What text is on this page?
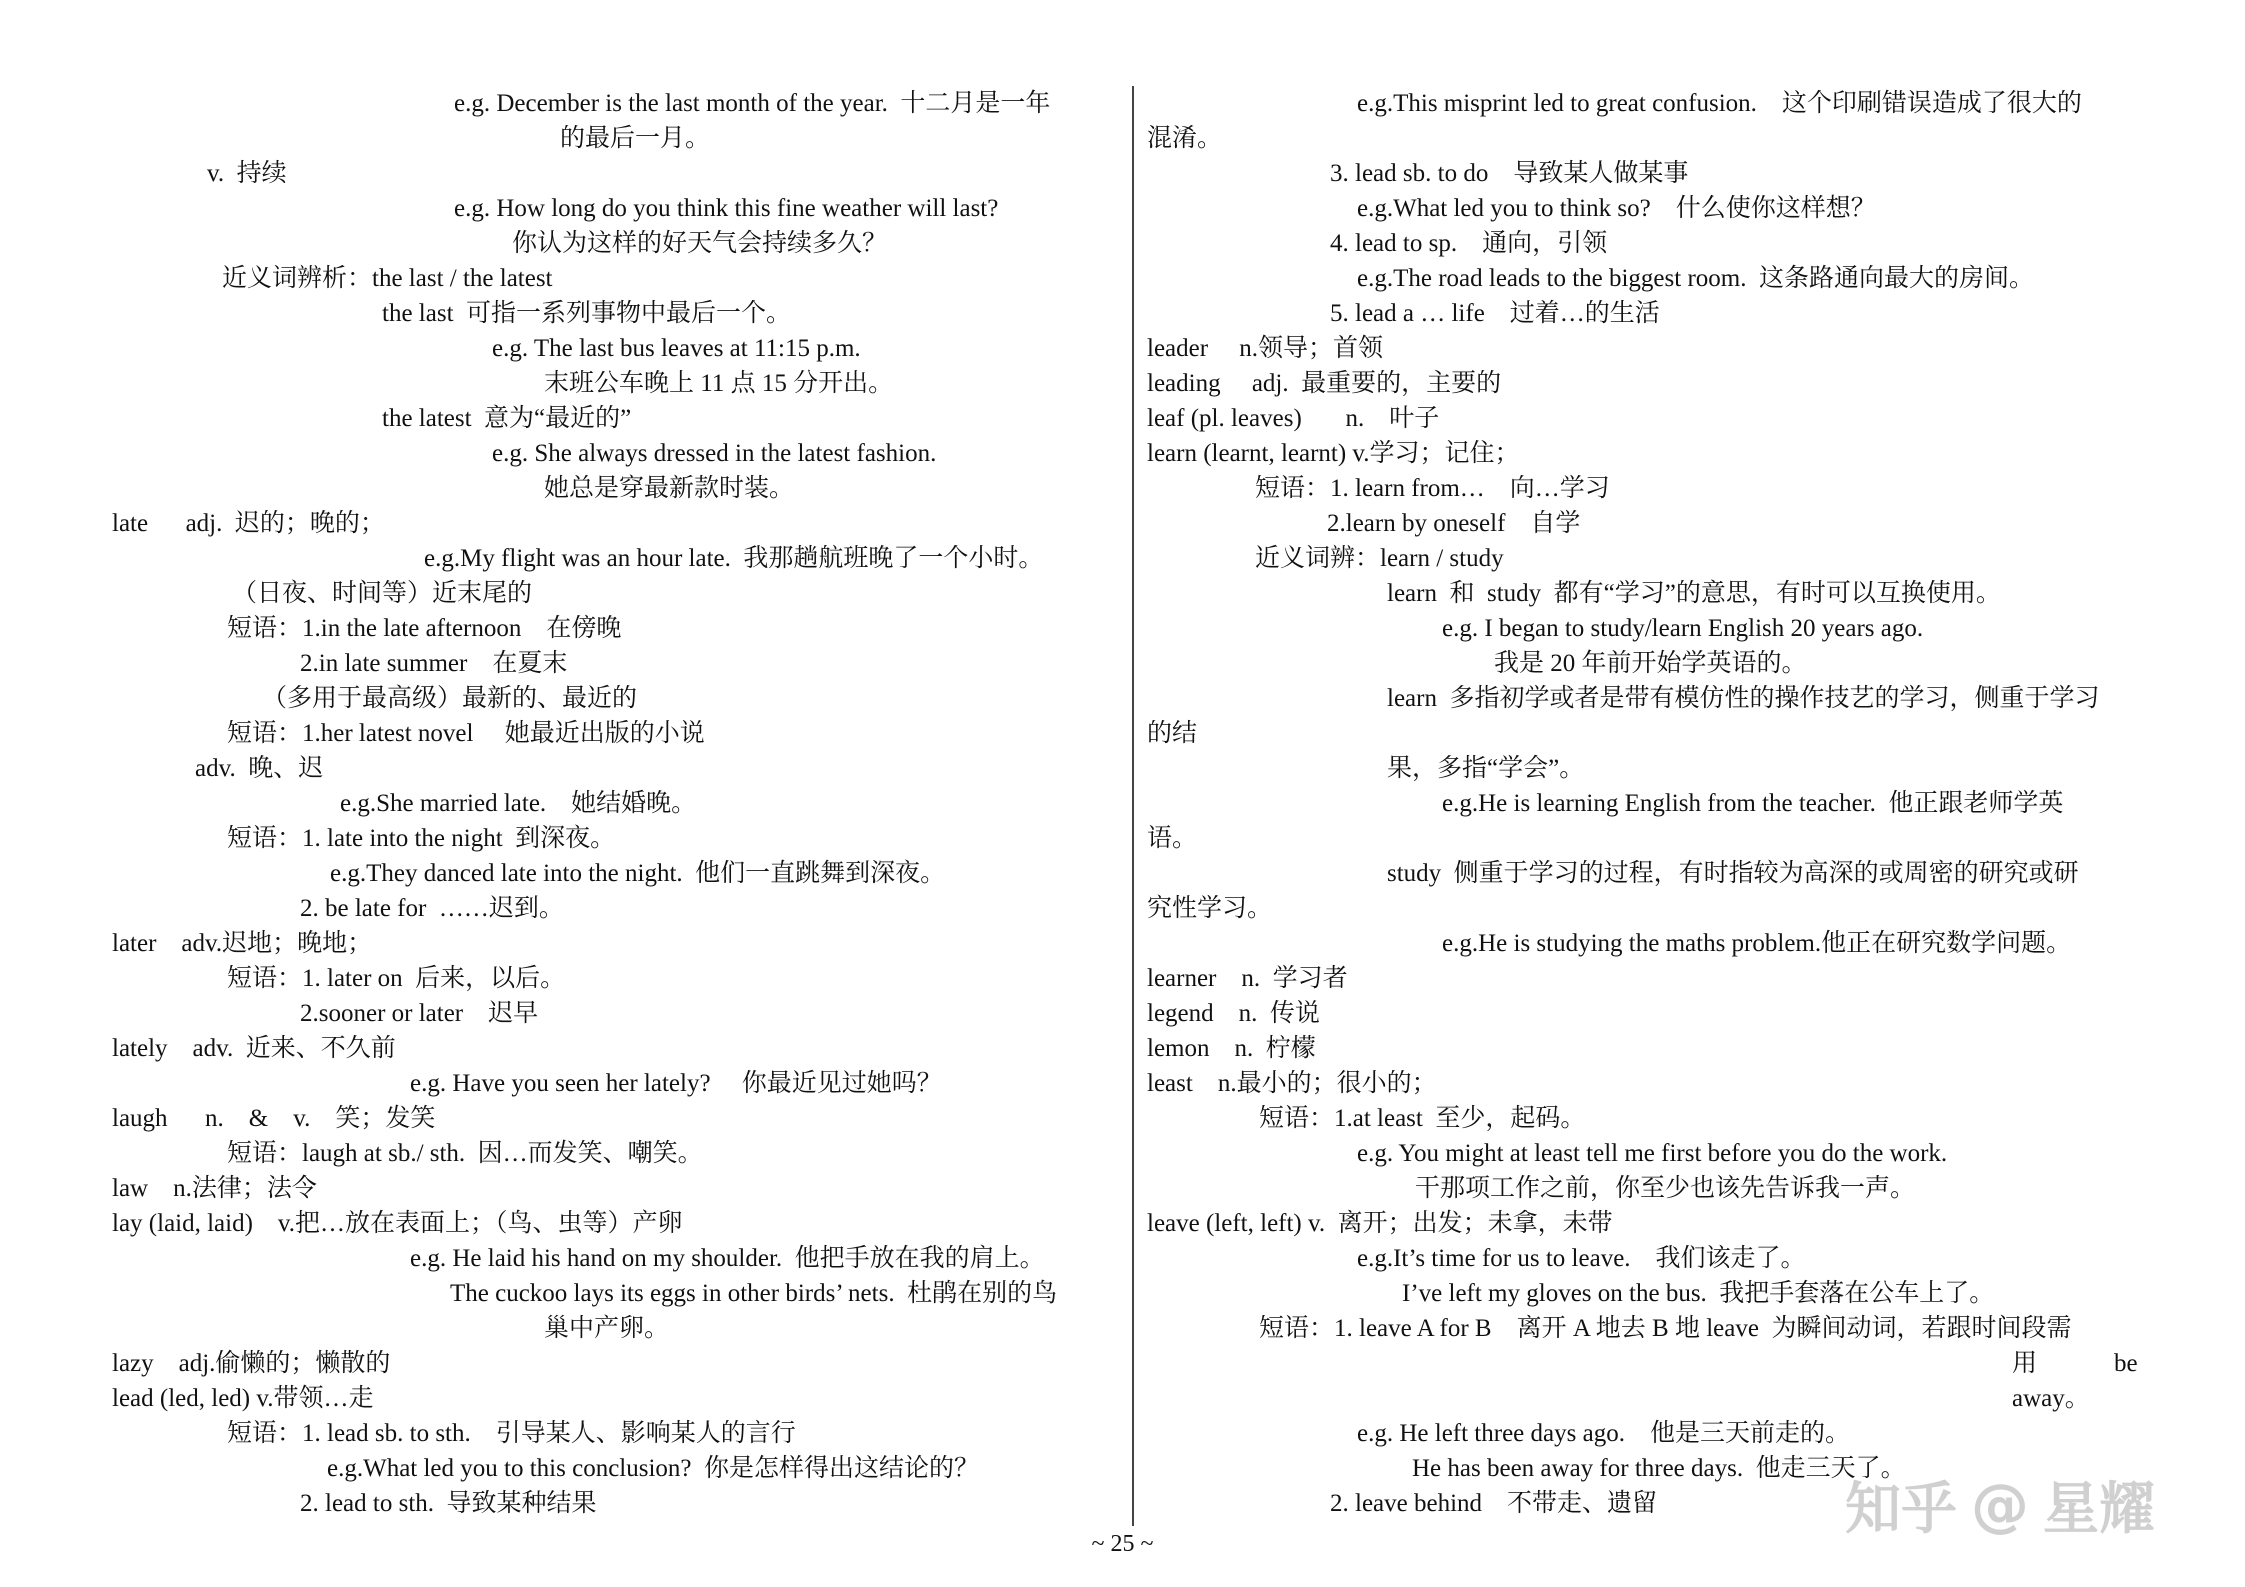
e.g. December is the last month of the year.  十二月是一年
的最后一月。
v.  持续
e.g. How long do you think this fine weather will last?
你认为这样的好天气会持续多久？
近义词辨析：the last / the latest
the last  可指一系列事物中最后一个。
e.g. The last bus leaves at 11:15 p.m.
末班公车晚上 11 点 15 分开出。
the latest  意为“最近的”
e.g. She always dressed in the latest fashion.
她总是穿最新款时装。
late      adj.  迟的；晚的；
e.g.My flight was an hour late.  我那趟航班晚了一个小时。
（日夜、时间等）近末尾的
短语：1.in the late afternoon    在傍晚
2.in late summer    在夏末
（多用于最高级）最新的、最近的
短语：1.her latest novel     她最近出版的小说
adv.  晚、迟
e.g.She married late.    她结婚晚。
短语：1. late into the night  到深夜。
e.g.They danced late into the night.  他们一直跳舞到深夜。
2. be late for  ……迟到。
later    adv.迟地；晚地；
短语：1. later on  后来，以后。
2.sooner or later    迟早
lately    adv.  近来、不久前
e.g. Have you seen her lately?     你最近见过她吗？
laugh      n.    &    v.    笑；发笑
短语：laugh at sb./ sth.  因…而发笑、嘲笑。
law    n.法律；法令
lay (laid, laid)    v.把…放在表面上；（鸟、虫等）产卵
e.g. He laid his hand on my shoulder.  他把手放在我的肩上。
The cuckoo lays its eggs in other birds’ nets.  杜鹃在别的鸟
巢中产卵。
lazy    adj.偷懒的；懒散的
lead (led, led) v.带领…走
短语：1. lead sb. to sth.    引导某人、影响某人的言行
e.g.What led you to this conclusion?  你是怎样得出这结论的？
2. lead to sth.  导致某种结果
e.g.This misprint led to great confusion.    这个印刷错误造成了很大的
混淆。
3. lead sb. to do    导致某人做某事
e.g.What led you to think so?    什么使你这样想？
4. lead to sp.    通向，引领
e.g.The road leads to the biggest room.  这条路通向最大的房间。
5. lead a … life    过着…的生活
leader     n.领导；首领
leading     adj.  最重要的，主要的
leaf (pl. leaves)       n.    叶子
learn (learnt, learnt) v.学习；记住；
短语：1. learn from…    向…学习
2.learn by oneself    自学
近义词辨：learn / study
learn  和  study  都有“学习”的意思，有时可以互换使用。
e.g. I began to study/learn English 20 years ago.
我是 20 年前开始学英语的。
learn  多指初学或者是带有模仿性的操作技艺的学习，侧重于学习
的结
果，多指“学会”。
e.g.He is learning English from the teacher.  他正跟老师学英
语。
study  侧重于学习的过程，有时指较为高深的或周密的研究或研
究性学习。
e.g.He is studying the maths problem.他正在研究数学问题。
learner    n.  学习者
legend    n.  传说
lemon    n.  柠檬
least    n.最小的；很小的；
短语：1.at least  至少，起码。
e.g. You might at least tell me first before you do the work.
干那项工作之前，你至少也该先告诉我一声。
leave (left, left) v.  离开；出发；未拿，未带
e.g.It’s time for us to leave.    我们该走了。
I’ve left my gloves on the bus.  我把手套落在公车上了。
短语：1. leave A for B    离开 A 地去 B 地 leave  为瞬间动词，若跟时间段需
用	be
away。
e.g. He left three days ago.    他是三天前走的。
He has been away for three days.  他走三天了。
2. leave behind    不带走、遗留
~ 25 ~
知乎 @ 星耀
